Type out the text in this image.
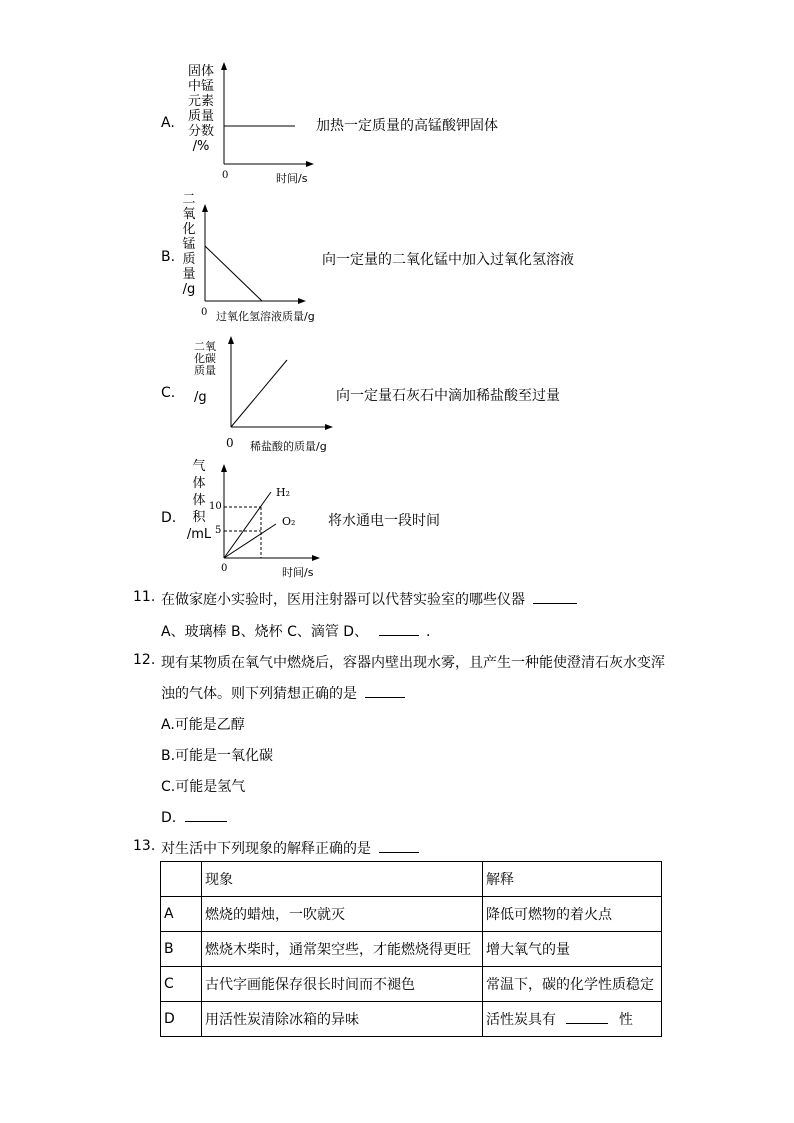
A.
固体
中锰
元素
质量
分数
/%
0	时间/s
加热一定质量的高锰酸钾固体
B.
二
氧
化
锰
质
量
/g
0 过氧化氢溶液质量/g
向一定量的二氧化锰中加入过氧化氢溶液
C.
二氧
化碳
质量
/g
0 稀盐酸的质量/g
向一定量石灰石中滴加稀盐酸至过量
D.
气
体
体
积
/mL
10
5
H₂
O₂
0	时间/s
将水通电一段时间
11. 在做家庭小实验时，医用注射器可以代替实验室的哪些仪器
A、玻璃棒 B、烧杯 C、滴管 D、	.
12. 现有某物质在氧气中燃烧后，容器内壁出现水雾，且产生一种能使澄清石灰水变浑
浊的气体。则下列猜想正确的是
A.可能是乙醇
B.可能是一氧化碳
C.可能是氢气
D.
13. 对生活中下列现象的解释正确的是
	现象	解释
A	燃烧的蜡烛，一吹就灭	降低可燃物的着火点
B	燃烧木柴时，通常架空些，才能燃烧得更旺	增大氧气的量
C	古代字画能保存很长时间而不褪色	常温下，碳的化学性质稳定
D	用活性炭清除冰箱的异味	活性炭具有 性
